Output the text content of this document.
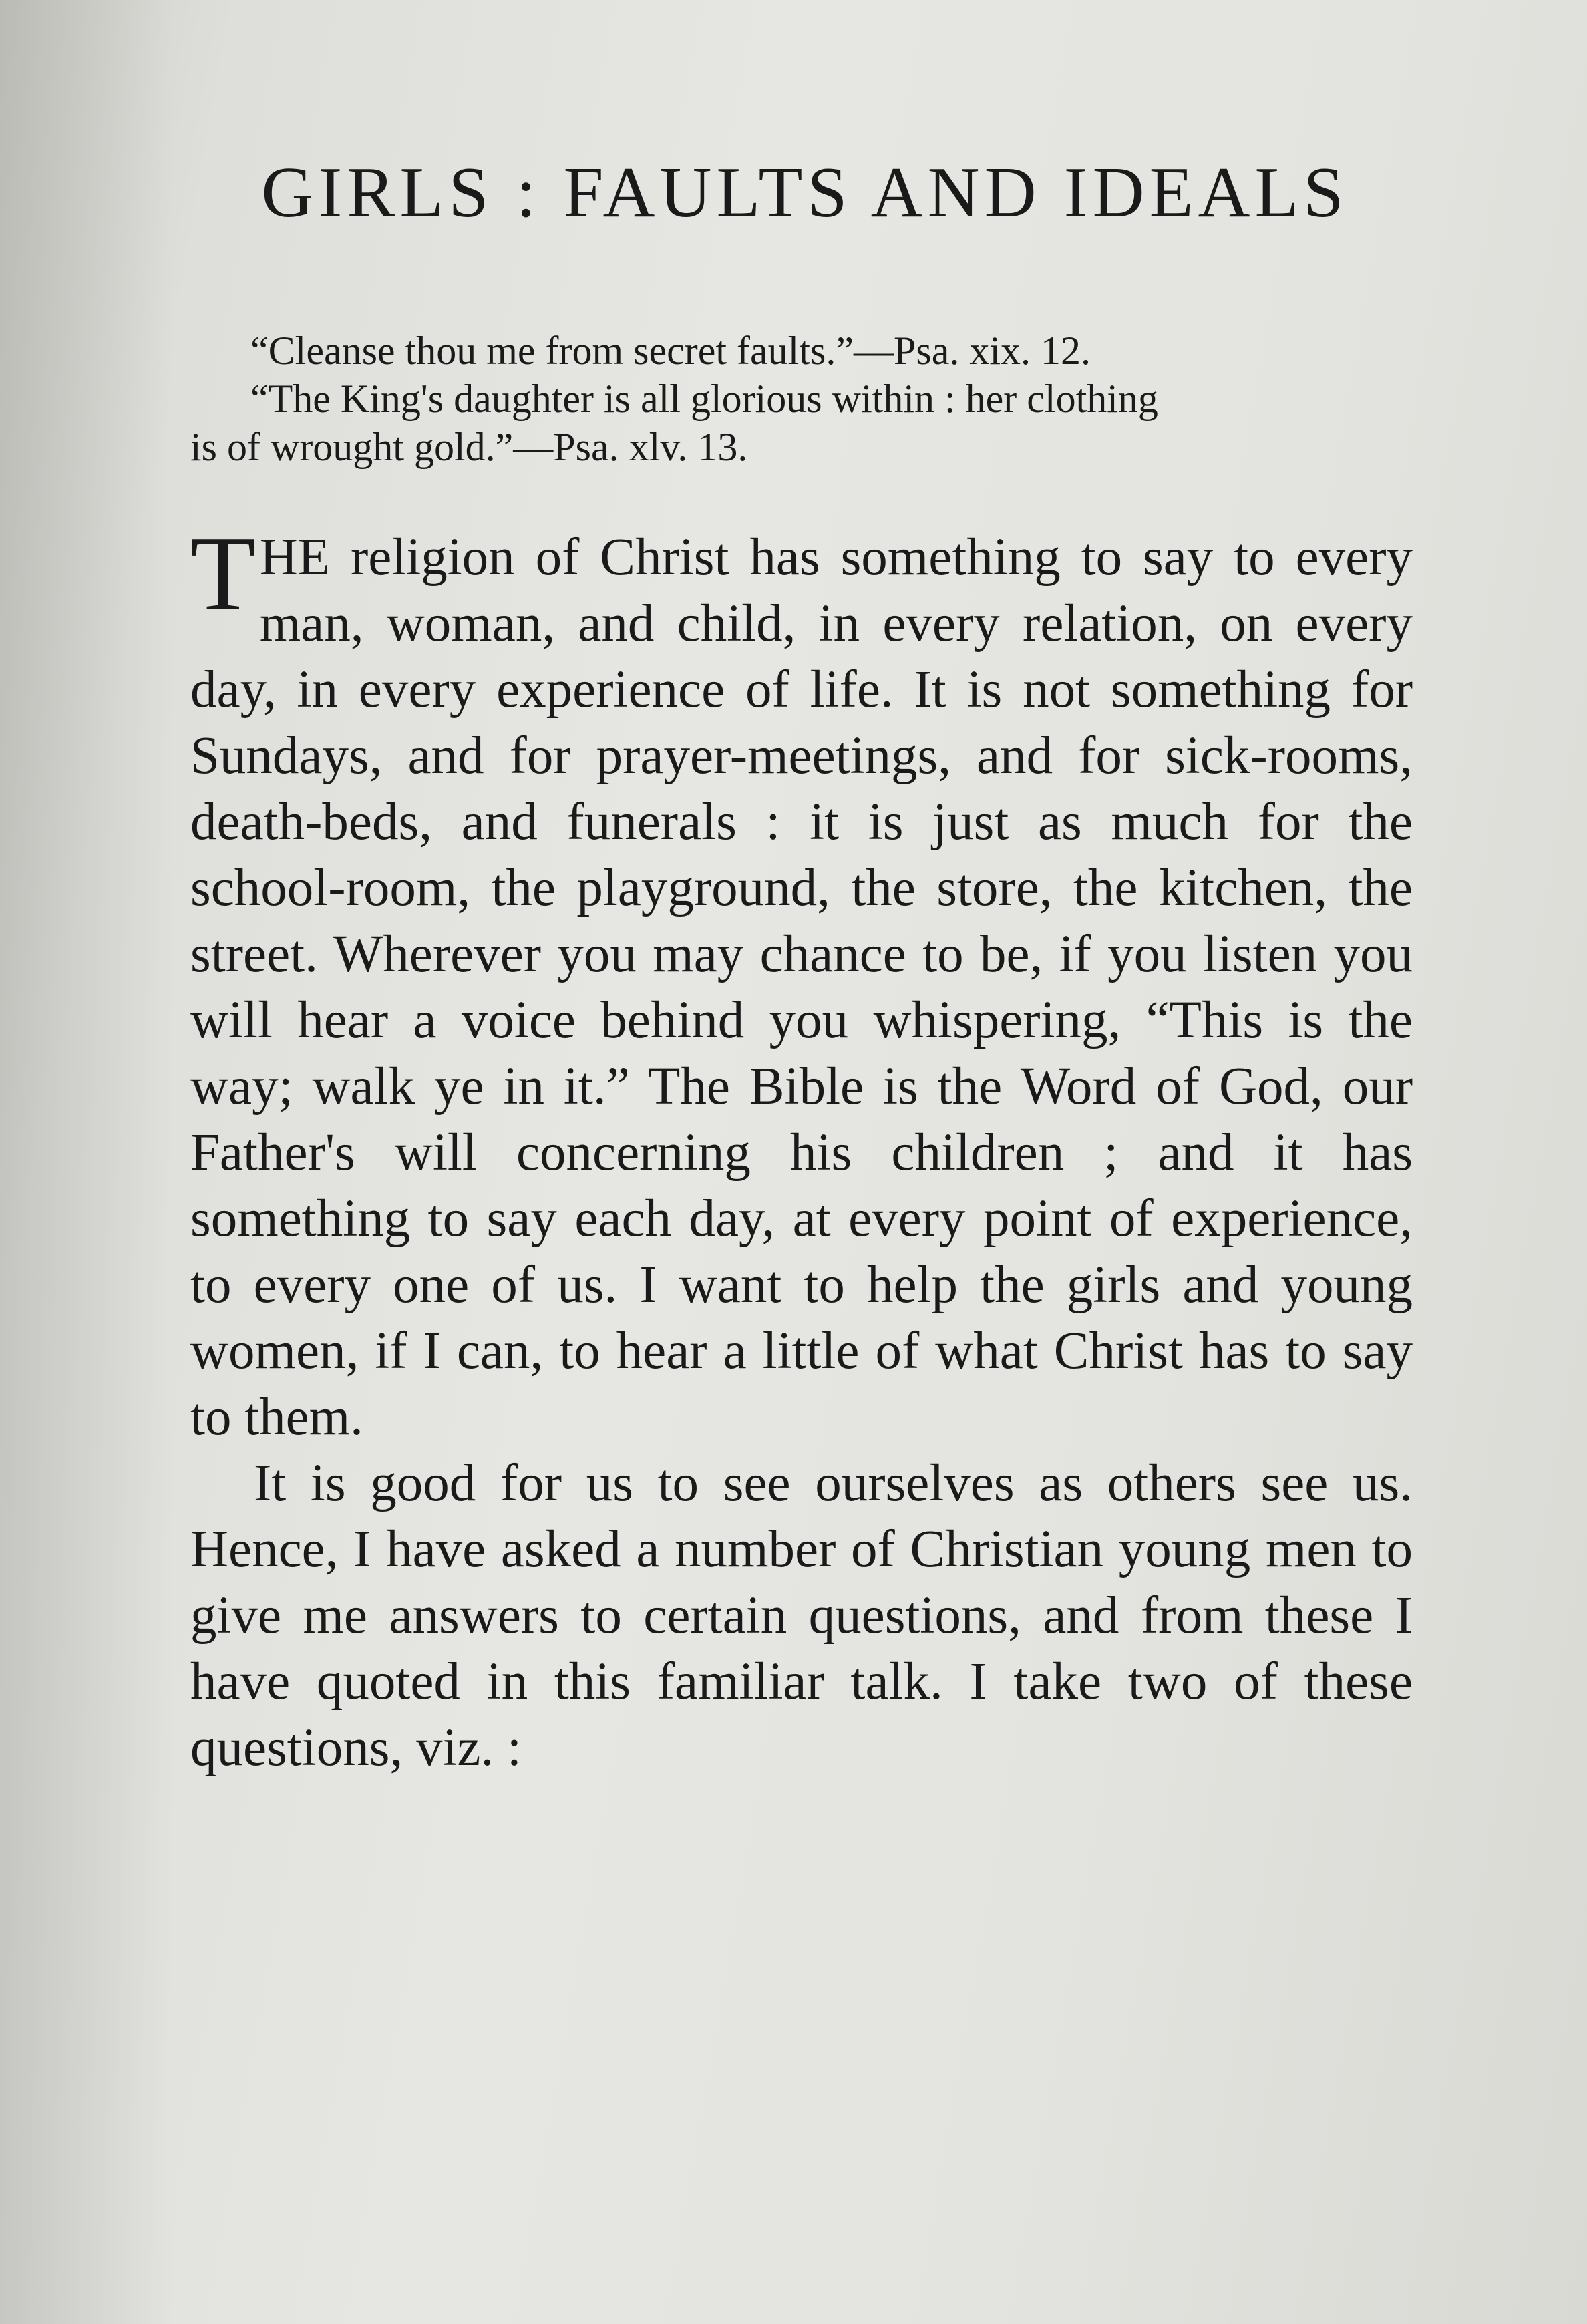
GIRLS : FAULTS AND IDEALS

“Cleanse thou me from secret faults.”—Psa. xix. 12.

“The King's daughter is all glorious within : her clothing

is of wrought gold.”—Psa. xlv. 13.

THE religion of Christ has something to say to every man, woman, and child, in every relation, on every day, in every experience of life. It is not something for Sundays, and for prayer-meetings, and for sick-rooms, death-beds, and funerals : it is just as much for the school-room, the playground, the store, the kitchen, the street. Wherever you may chance to be, if you listen you will hear a voice behind you whispering, “This is the way; walk ye in it.” The Bible is the Word of God, our Father's will concerning his children ; and it has something to say each day, at every point of experience, to every one of us. I want to help the girls and young women, if I can, to hear a little of what Christ has to say to them.

It is good for us to see ourselves as others see us. Hence, I have asked a number of Christian young men to give me answers to certain questions, and from these I have quoted in this familiar talk. I take two of these questions, viz. :
